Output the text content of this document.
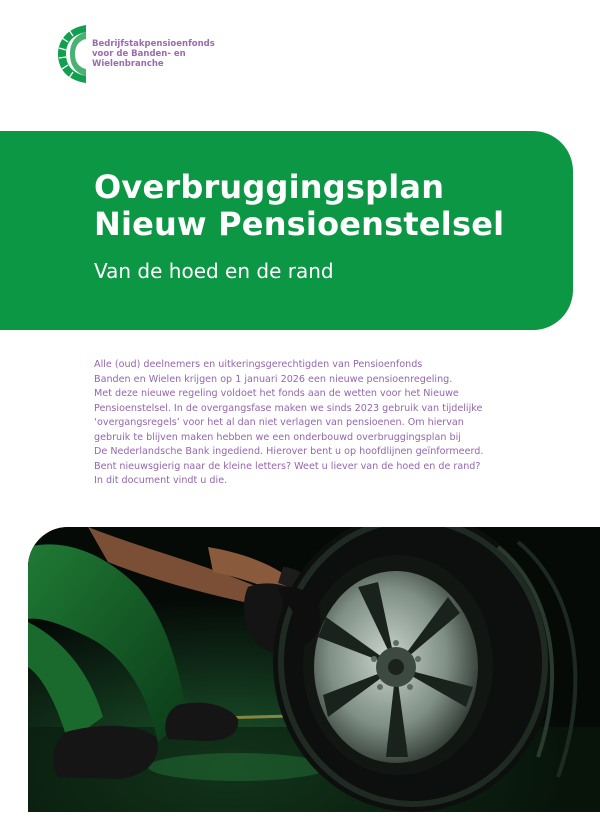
Bedrijfstakpensioenfonds
voor de Banden- en
Wielenbranche
Overbruggingsplan
Nieuw Pensioenstelsel
Van de hoed en de rand
Alle (oud) deelnemers en uitkeringsgerechtigden van Pensioenfonds
Banden en Wielen krijgen op 1 januari 2026 een nieuwe pensioenregeling.
Met deze nieuwe regeling voldoet het fonds aan de wetten voor het Nieuwe
Pensioenstelsel. In de overgangsfase maken we sinds 2023 gebruik van tijdelijke
‘overgangsregels’ voor het al dan niet verlagen van pensioenen. Om hiervan
gebruik te blijven maken hebben we een onderbouwd overbruggingsplan bij
De Nederlandsche Bank ingediend. Hierover bent u op hoofdlijnen geïnformeerd.
Bent nieuwsgierig naar de kleine letters? Weet u liever van de hoed en de rand?
In dit document vindt u die.
